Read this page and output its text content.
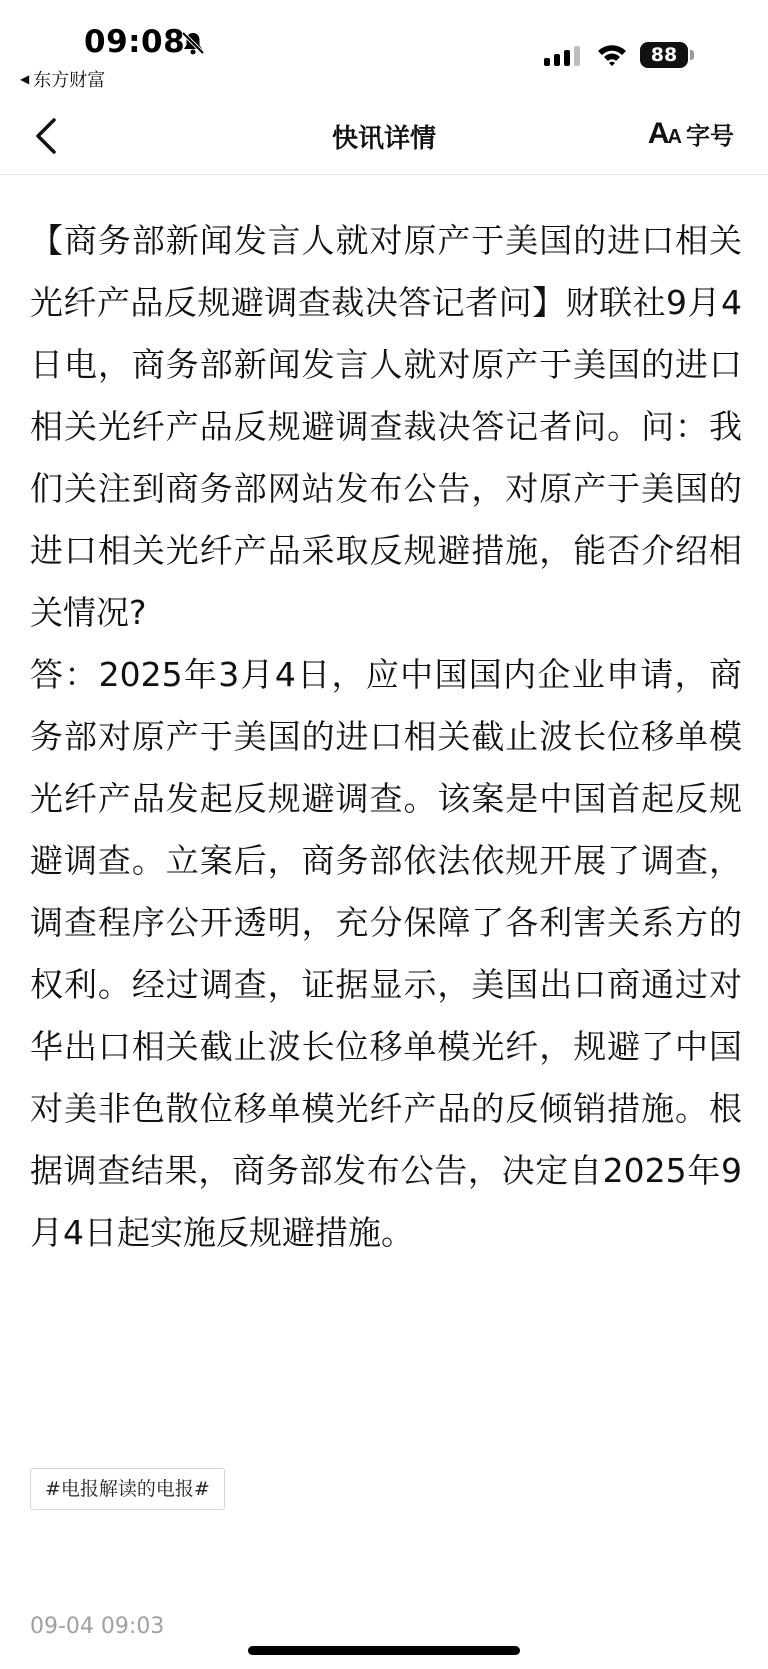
09:08
◀ 东方财富
88
快讯详情	AA 字号

【商务部新闻发言人就对原产于美国的进口相关光纤产品反规避调查裁决答记者问】财联社9月4日电，商务部新闻发言人就对原产于美国的进口相关光纤产品反规避调查裁决答记者问。问：我们关注到商务部网站发布公告，对原产于美国的进口相关光纤产品采取反规避措施，能否介绍相关情况?

答：2025年3月4日，应中国国内企业申请，商务部对原产于美国的进口相关截止波长位移单模光纤产品发起反规避调查。该案是中国首起反规避调查。立案后，商务部依法依规开展了调查，调查程序公开透明，充分保障了各利害关系方的权利。经过调查，证据显示，美国出口商通过对华出口相关截止波长位移单模光纤，规避了中国对美非色散位移单模光纤产品的反倾销措施。根据调查结果，商务部发布公告，决定自2025年9月4日起实施反规避措施。

#电报解读的电报#
09-04 09:03
